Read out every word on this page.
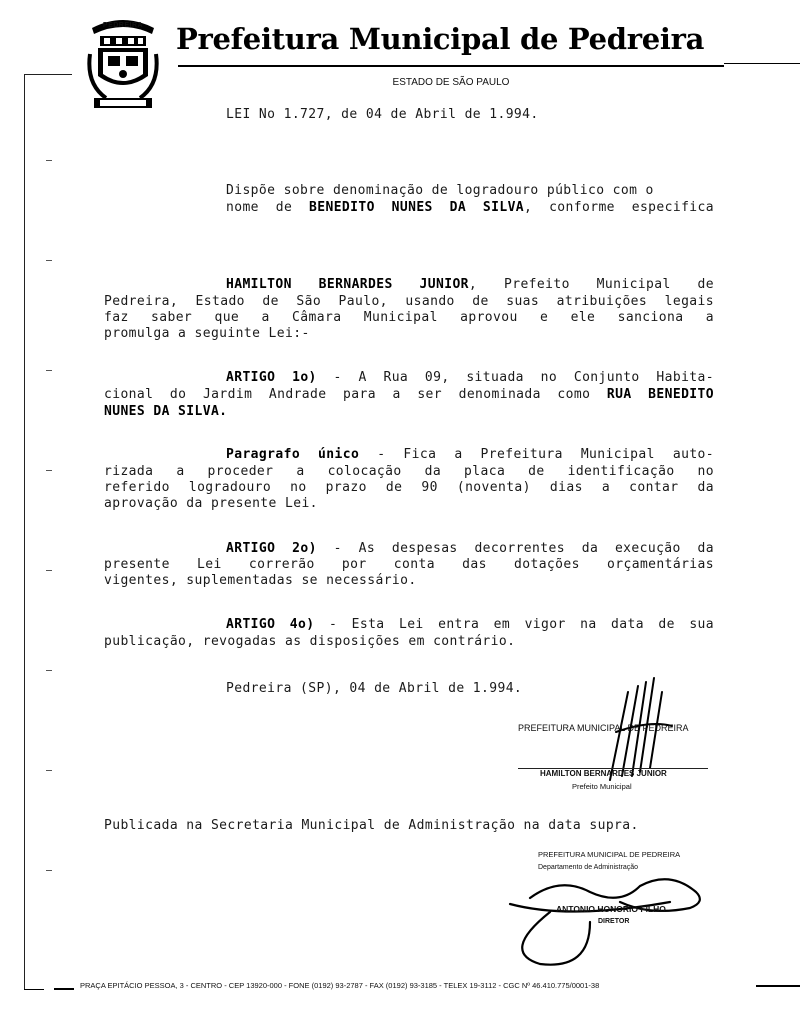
PEDREIRA	Prefeitura Municipal de Pedreira
ESTADO DE SÃO PAULO
LEI No 1.727, de 04 de Abril de 1.994.
Dispõe sobre denominação de logradouro público com o
nome de BENEDITO NUNES DA SILVA, conforme especifica
HAMILTON BERNARDES JUNIOR, Prefeito Municipal de
Pedreira, Estado de São Paulo, usando de suas atribuições legais
faz saber que a Câmara Municipal aprovou e ele sanciona a
promulga a seguinte Lei:-
ARTIGO 1o) - A Rua 09, situada no Conjunto Habita-
cional do Jardim Andrade para a ser denominada como RUA BENEDITO
NUNES DA SILVA.
Paragrafo único - Fica a Prefeitura Municipal auto-
rizada a proceder a colocação da placa de identificação no
referido logradouro no prazo de 90 (noventa) dias a contar da
aprovação da presente Lei.
ARTIGO 2o) - As despesas decorrentes da execução da
presente Lei correrão por conta das dotações orçamentárias
vigentes, suplementadas se necessário.
ARTIGO 4o) - Esta Lei entra em vigor na data de sua
publicação, revogadas as disposições em contrário.
Pedreira (SP), 04 de Abril de 1.994.
PREFEITURA MUNICIPAL DE PEDREIRA
HAMILTON BERNARDES JUNIOR
Prefeito Municipal
Publicada na Secretaria Municipal de Administração na data supra.
PREFEITURA MUNICIPAL DE PEDREIRA
Departamento de Administração
ANTONIO HONORIO FILHO
DIRETOR
PRAÇA EPITÁCIO PESSOA, 3 - CENTRO - CEP 13920-000 - FONE (0192) 93-2787 - FAX (0192) 93-3185 - TELEX 19-3112 - CGC Nº 46.410.775/0001-38
